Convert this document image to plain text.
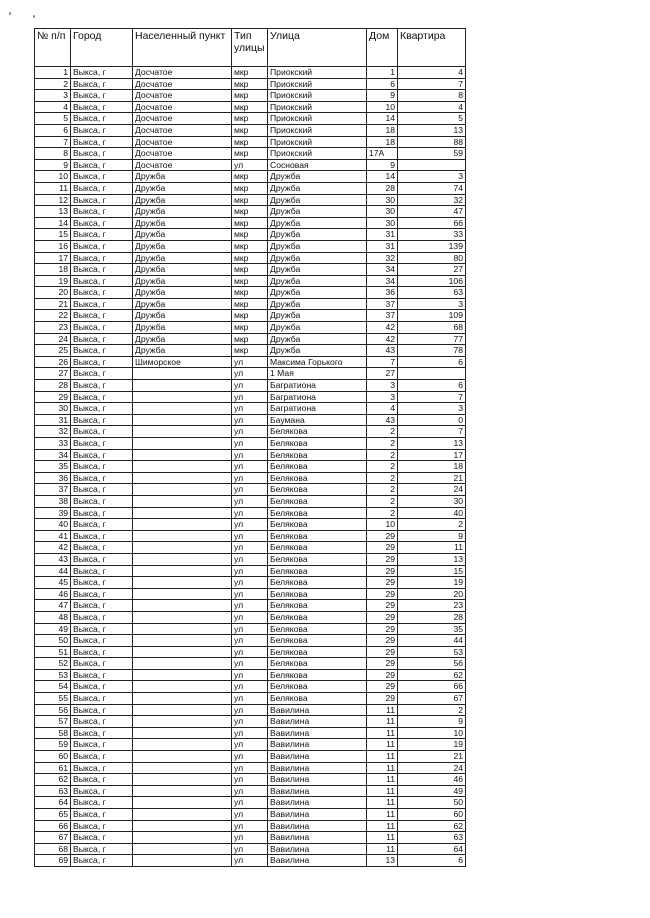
№ п/п	Город	Населенный пункт	Тип улицы	Улица	Дом	Квартира
1	Выкса, г	Досчатое	мкр	Приокский	1	4
2	Выкса, г	Досчатое	мкр	Приокский	6	7
3	Выкса, г	Досчатое	мкр	Приокский	9	8
4	Выкса, г	Досчатое	мкр	Приокский	10	4
5	Выкса, г	Досчатое	мкр	Приокский	14	5
6	Выкса, г	Досчатое	мкр	Приокский	18	13
7	Выкса, г	Досчатое	мкр	Приокский	18	88
8	Выкса, г	Досчатое	мкр	Приокский	17А	59
9	Выкса, г	Досчатое	ул	Сосновая	9	
10	Выкса, г	Дружба	мкр	Дружба	14	3
11	Выкса, г	Дружба	мкр	Дружба	28	74
12	Выкса, г	Дружба	мкр	Дружба	30	32
13	Выкса, г	Дружба	мкр	Дружба	30	47
14	Выкса, г	Дружба	мкр	Дружба	30	66
15	Выкса, г	Дружба	мкр	Дружба	31	33
16	Выкса, г	Дружба	мкр	Дружба	31	139
17	Выкса, г	Дружба	мкр	Дружба	32	80
18	Выкса, г	Дружба	мкр	Дружба	34	27
19	Выкса, г	Дружба	мкр	Дружба	34	106
20	Выкса, г	Дружба	мкр	Дружба	36	63
21	Выкса, г	Дружба	мкр	Дружба	37	3
22	Выкса, г	Дружба	мкр	Дружба	37	109
23	Выкса, г	Дружба	мкр	Дружба	42	68
24	Выкса, г	Дружба	мкр	Дружба	42	77
25	Выкса, г	Дружба	мкр	Дружба	43	78
26	Выкса, г	Шиморское	ул	Максима Горького	7	6
27	Выкса, г		ул	1 Мая	27	
28	Выкса, г		ул	Багратиона	3	6
29	Выкса, г		ул	Багратиона	3	7
30	Выкса, г		ул	Багратиона	4	3
31	Выкса, г		ул	Баумана	43	0
32	Выкса, г		ул	Белякова	2	7
33	Выкса, г		ул	Белякова	2	13
34	Выкса, г		ул	Белякова	2	17
35	Выкса, г		ул	Белякова	2	18
36	Выкса, г		ул	Белякова	2	21
37	Выкса, г		ул	Белякова	2	24
38	Выкса, г		ул	Белякова	2	30
39	Выкса, г		ул	Белякова	2	40
40	Выкса, г		ул	Белякова	10	2
41	Выкса, г		ул	Белякова	29	9
42	Выкса, г		ул	Белякова	29	11
43	Выкса, г		ул	Белякова	29	13
44	Выкса, г		ул	Белякова	29	15
45	Выкса, г		ул	Белякова	29	19
46	Выкса, г		ул	Белякова	29	20
47	Выкса, г		ул	Белякова	29	23
48	Выкса, г		ул	Белякова	29	28
49	Выкса, г		ул	Белякова	29	35
50	Выкса, г		ул	Белякова	29	44
51	Выкса, г		ул	Белякова	29	53
52	Выкса, г		ул	Белякова	29	56
53	Выкса, г		ул	Белякова	29	62
54	Выкса, г		ул	Белякова	29	66
55	Выкса, г		ул	Белякова	29	67
56	Выкса, г		ул	Вавилина	11	2
57	Выкса, г		ул	Вавилина	11	9
58	Выкса, г		ул	Вавилина	11	10
59	Выкса, г		ул	Вавилина	11	19
60	Выкса, г		ул	Вавилина	11	21
61	Выкса, г		ул	Вавилина	11	24
62	Выкса, г		ул	Вавилина	11	46
63	Выкса, г		ул	Вавилина	11	49
64	Выкса, г		ул	Вавилина	11	50
65	Выкса, г		ул	Вавилина	11	60
66	Выкса, г		ул	Вавилина	11	62
67	Выкса, г		ул	Вавилина	11	63
68	Выкса, г		ул	Вавилина	11	64
69	Выкса, г		ул	Вавилина	13	6
